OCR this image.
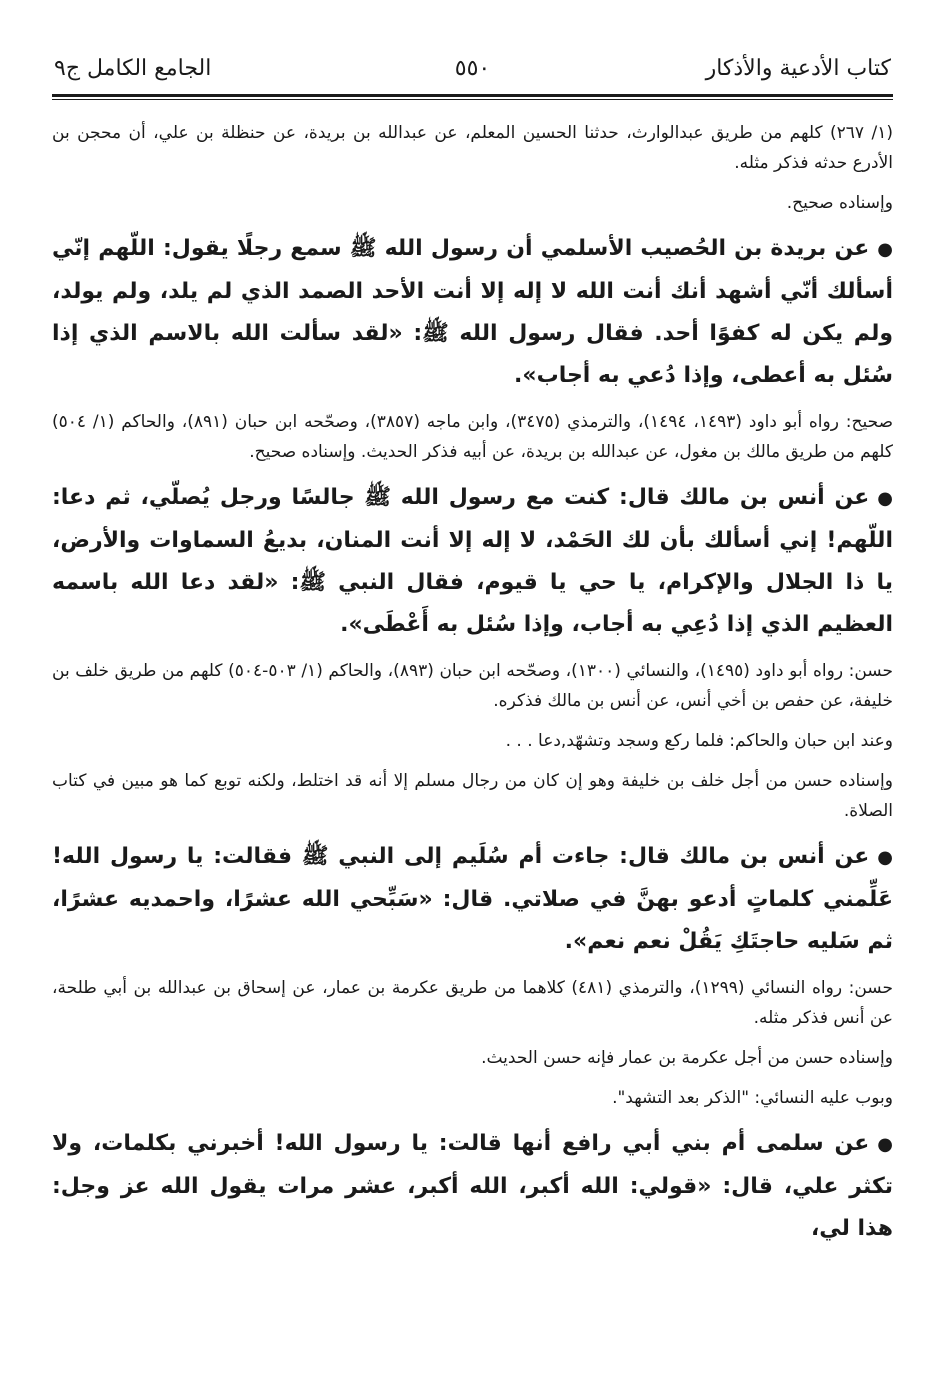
كتاب الأدعية والأذكار
٥٥٠
الجامع الكامل ج٩

(١/ ٢٦٧) كلهم من طريق عبدالوارث، حدثنا الحسين المعلم، عن عبدالله بن بريدة، عن حنظلة بن علي، أن محجن بن الأدرع حدثه فذكر مثله.

وإسناده صحيح.

●عن بريدة بن الحُصيب الأسلمي أن رسول الله ﷺ سمع رجلًا يقول: اللّهم إنّي أسألك أنّي أشهد أنك أنت الله لا إله إلا أنت الأحد الصمد الذي لم يلد، ولم يولد، ولم يكن له كفوًا أحد. فقال رسول الله ﷺ: «لقد سألت الله بالاسم الذي إذا سُئل به أعطى، وإذا دُعي به أجاب».

صحيح: رواه أبو داود (١٤٩٣، ١٤٩٤)، والترمذي (٣٤٧٥)، وابن ماجه (٣٨٥٧)، وصحّحه ابن حبان (٨٩١)، والحاكم (١/ ٥٠٤) كلهم من طريق مالك بن مغول، عن عبدالله بن بريدة، عن أبيه فذكر الحديث. وإسناده صحيح.

●عن أنس بن مالك قال: كنت مع رسول الله ﷺ جالسًا ورجل يُصلّي، ثم دعا: اللّهم! إني أسألك بأن لك الحَمْد، لا إله إلا أنت المنان، بديعُ السماوات والأرض، يا ذا الجلال والإكرام، يا حي يا قيوم، فقال النبي ﷺ: «لقد دعا الله باسمه العظيم الذي إذا دُعِي به أجاب، وإذا سُئل به أَعْطَى».

حسن: رواه أبو داود (١٤٩٥)، والنسائي (١٣٠٠)، وصحّحه ابن حبان (٨٩٣)، والحاكم (١/ ٥٠٣-٥٠٤) كلهم من طريق خلف بن خليفة، عن حفص بن أخي أنس، عن أنس بن مالك فذكره.

وعند ابن حبان والحاكم: فلما ركع وسجد وتشهّد,دعا . . .

وإسناده حسن من أجل خلف بن خليفة وهو إن كان من رجال مسلم إلا أنه قد اختلط، ولكنه توبع كما هو مبين في كتاب الصلاة.

●عن أنس بن مالك قال: جاءت أم سُلَيم إلى النبي ﷺ فقالت: يا رسول الله! عَلِّمني كلماتٍ أدعو بهنَّ في صلاتي. قال: «سَبِّحي الله عشرًا، واحمديه عشرًا، ثم سَليه حاجتَكِ يَقُلْ نعم نعم».

حسن: رواه النسائي (١٢٩٩)، والترمذي (٤٨١) كلاهما من طريق عكرمة بن عمار، عن إسحاق بن عبدالله بن أبي طلحة، عن أنس فذكر مثله.

وإسناده حسن من أجل عكرمة بن عمار فإنه حسن الحديث.

وبوب عليه النسائي: "الذكر بعد التشهد".

●عن سلمى أم بني أبي رافع أنها قالت: يا رسول الله! أخبرني بكلمات، ولا تكثر علي، قال: «قولي: الله أكبر، الله أكبر، عشر مرات يقول الله عز وجل: هذا لي،
